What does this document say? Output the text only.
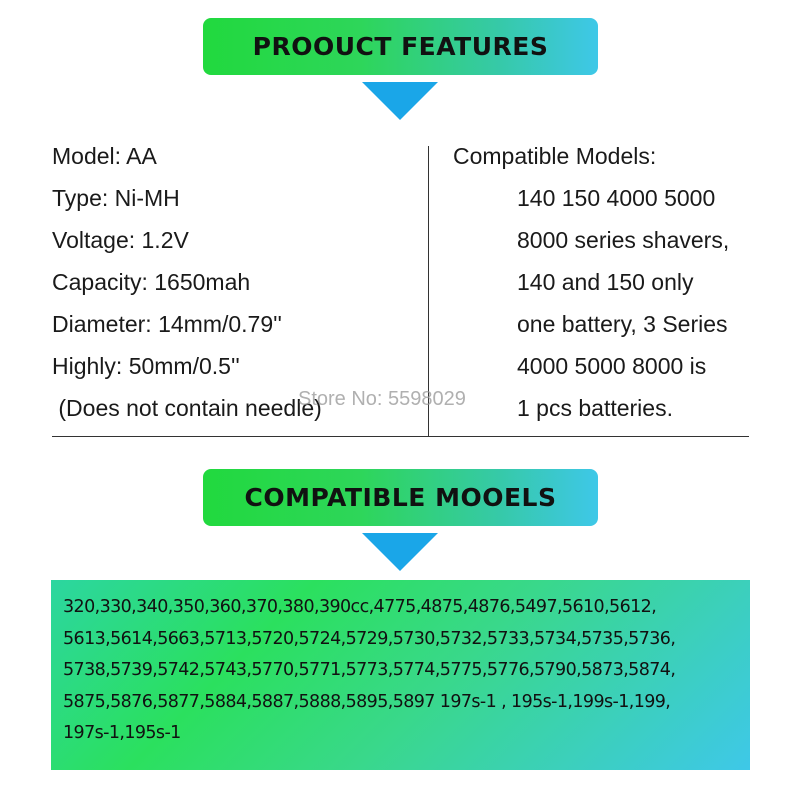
PROOUCT FEATURES
Model: AA
Type: Ni-MH
Voltage: 1.2V
Capacity: 1650mah
Diameter: 14mm/0.79''
Highly: 50mm/0.5''
(Does not contain needle)
Compatible Models:
140 150 4000 5000
8000 series shavers,
140 and 150 only
one battery, 3 Series
4000 5000 8000 is
1 pcs batteries.
Store No: 5598029
COMPATIBLE MOOELS

320,330,340,350,360,370,380,390cc,4775,4875,4876,5497,5610,5612,

5613,5614,5663,5713,5720,5724,5729,5730,5732,5733,5734,5735,5736,

5738,5739,5742,5743,5770,5771,5773,5774,5775,5776,5790,5873,5874,

5875,5876,5877,5884,5887,5888,5895,5897 197s-1 , 195s-1,199s-1,199,

197s-1,195s-1
